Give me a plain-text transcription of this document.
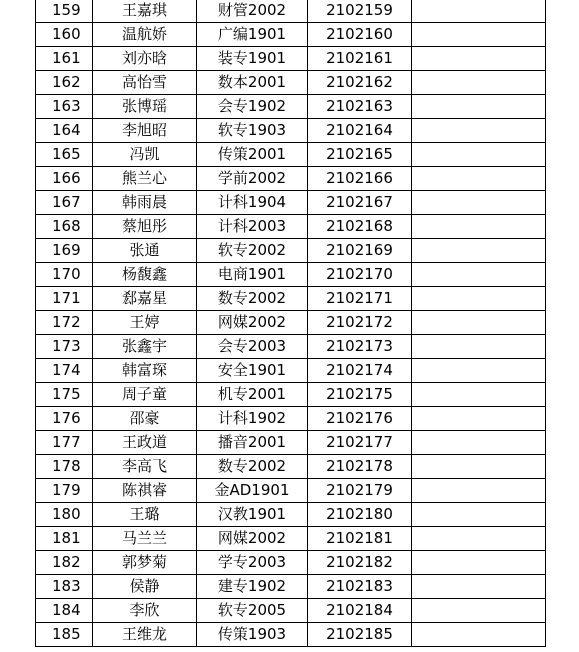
159	王嘉琪	财管2002	2102159	
160	温航娇	广编1901	2102160	
161	刘亦晗	装专1901	2102161	
162	高怡雪	数本2001	2102162	
163	张博瑶	会专1902	2102163	
164	李旭昭	软专1903	2102164	
165	冯凯	传策2001	2102165	
166	熊兰心	学前2002	2102166	
167	韩雨晨	计科1904	2102167	
168	蔡旭彤	计科2003	2102168	
169	张通	软专2002	2102169	
170	杨馥鑫	电商1901	2102170	
171	郄嘉星	数专2002	2102171	
172	王婷	网媒2002	2102172	
173	张鑫宇	会专2003	2102173	
174	韩富琛	安全1901	2102174	
175	周子童	机专2001	2102175	
176	邵豪	计科1902	2102176	
177	王政道	播音2001	2102177	
178	李高飞	数专2002	2102178	
179	陈祺睿	金AD1901	2102179	
180	王璐	汉教1901	2102180	
181	马兰兰	网媒2002	2102181	
182	郭梦菊	学专2003	2102182	
183	侯静	建专1902	2102183	
184	李欣	软专2005	2102184	
185	王维龙	传策1903	2102185	
